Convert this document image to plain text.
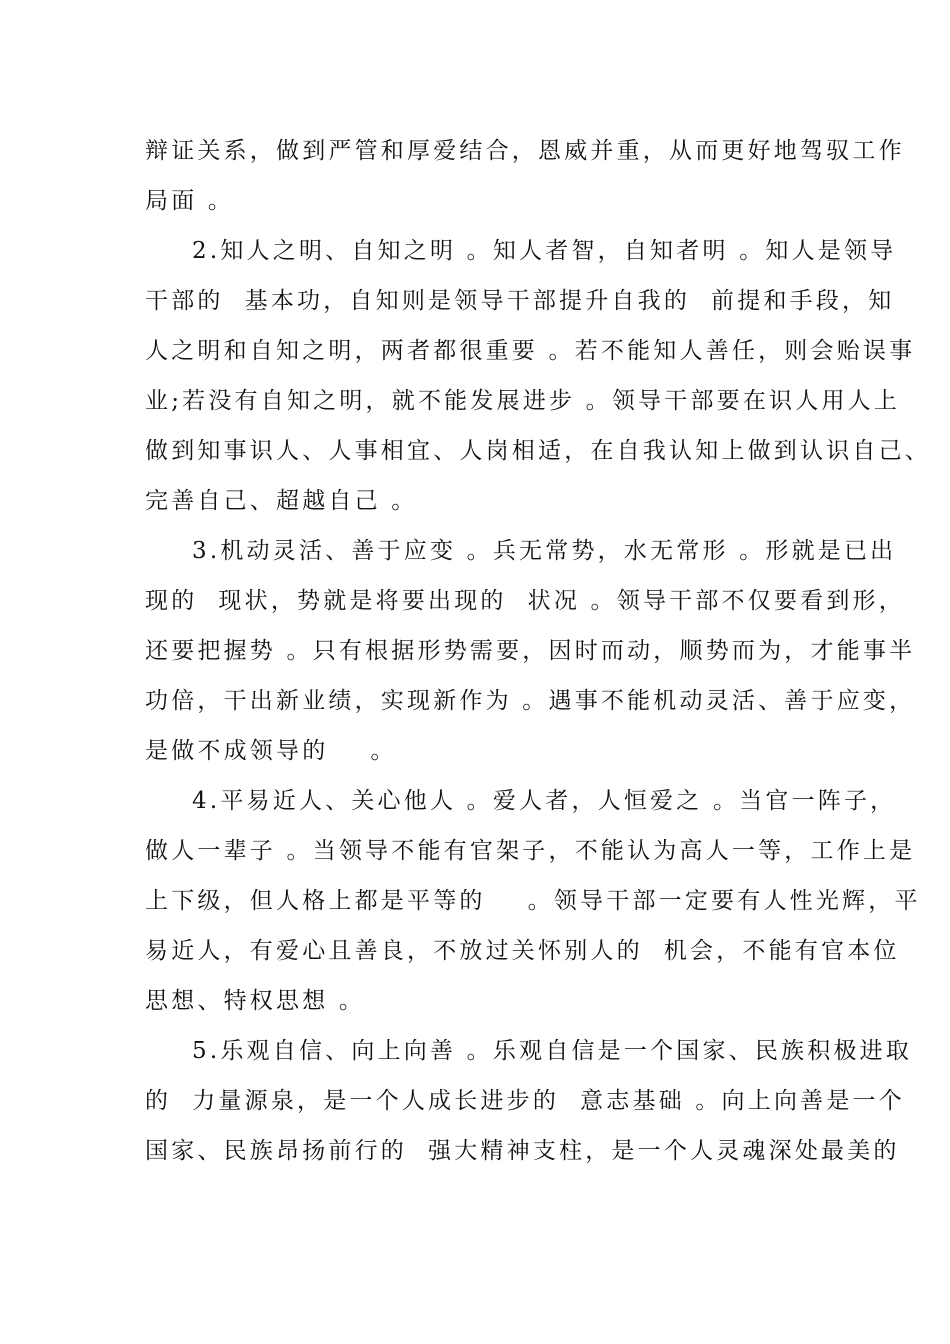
辩证关系，做到严管和厚爱结合，恩威并重，从而更好地驾驭工作
局面 。
2.知人之明、自知之明 。知人者智，自知者明 。知人是领导
干部的  基本功，自知则是领导干部提升自我的  前提和手段，知
人之明和自知之明，两者都很重要 。若不能知人善任，则会贻误事
业;若没有自知之明，就不能发展进步 。领导干部要在识人用人上
做到知事识人、人事相宜、人岗相适，在自我认知上做到认识自己、
完善自己、超越自己 。
3.机动灵活、善于应变 。兵无常势，水无常形 。形就是已出
现的  现状，势就是将要出现的  状况 。领导干部不仅要看到形，
还要把握势 。只有根据形势需要，因时而动，顺势而为，才能事半
功倍，干出新业绩，实现新作为 。遇事不能机动灵活、善于应变，
是做不成领导的    。
4.平易近人、关心他人 。爱人者，人恒爱之 。当官一阵子，
做人一辈子 。当领导不能有官架子，不能认为高人一等，工作上是
上下级，但人格上都是平等的    。领导干部一定要有人性光辉，平
易近人，有爱心且善良，不放过关怀别人的  机会，不能有官本位
思想、特权思想 。
5.乐观自信、向上向善 。乐观自信是一个国家、民族积极进取
的  力量源泉，是一个人成长进步的  意志基础 。向上向善是一个
国家、民族昂扬前行的  强大精神支柱，是一个人灵魂深处最美的
